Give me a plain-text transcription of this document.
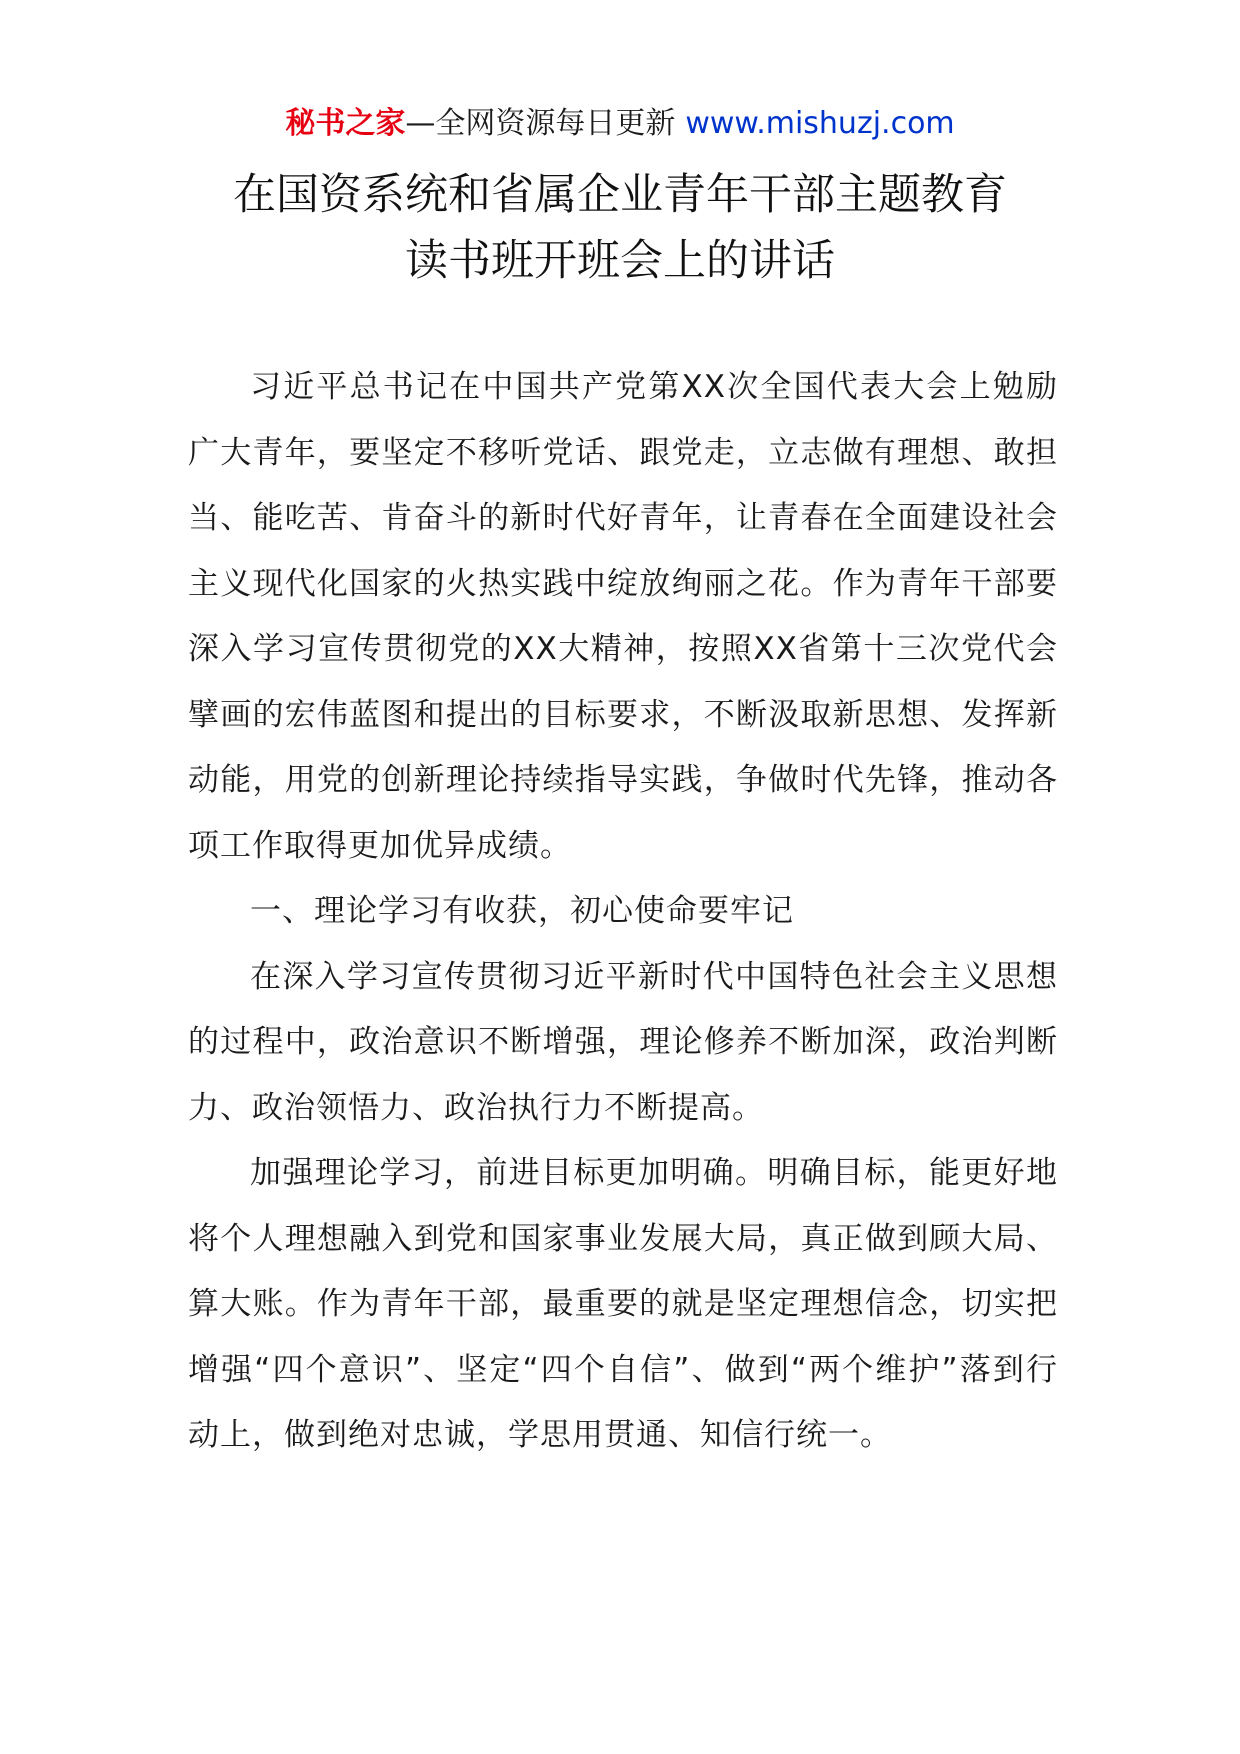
秘书之家—全网资源每日更新 www.mishuzj.com
在国资系统和省属企业青年干部主题教育
读书班开班会上的讲话

习近平总书记在中国共产党第XX次全国代表大会上勉励广大青年，要坚定不移听党话、跟党走，立志做有理想、敢担当、能吃苦、肯奋斗的新时代好青年，让青春在全面建设社会主义现代化国家的火热实践中绽放绚丽之花。作为青年干部要深入学习宣传贯彻党的XX大精神，按照XX省第十三次党代会擘画的宏伟蓝图和提出的目标要求，不断汲取新思想、发挥新动能，用党的创新理论持续指导实践，争做时代先锋，推动各项工作取得更加优异成绩。

一、理论学习有收获，初心使命要牢记

在深入学习宣传贯彻习近平新时代中国特色社会主义思想的过程中，政治意识不断增强，理论修养不断加深，政治判断力、政治领悟力、政治执行力不断提高。

加强理论学习，前进目标更加明确。明确目标，能更好地将个人理想融入到党和国家事业发展大局，真正做到顾大局、算大账。作为青年干部，最重要的就是坚定理想信念，切实把增强“四个意识”、坚定“四个自信”、做到“两个维护”落到行动上，做到绝对忠诚，学思用贯通、知信行统一。
